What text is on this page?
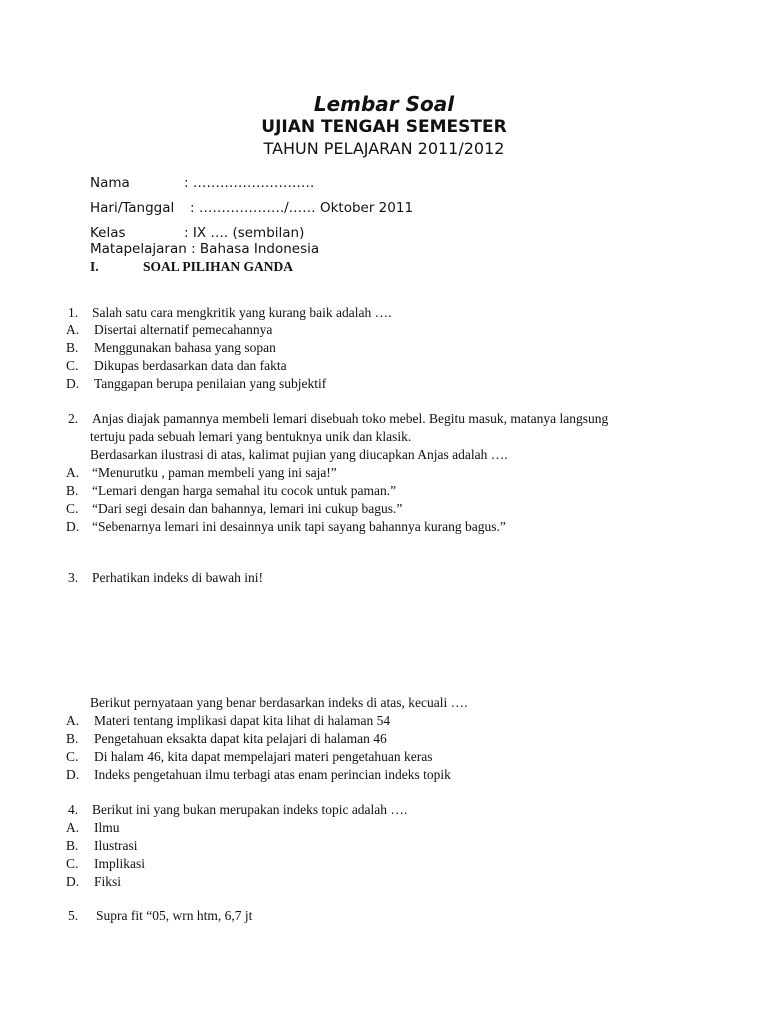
Lembar Soal
UJIAN TENGAH SEMESTER
TAHUN PELAJARAN 2011/2012
Nama	: ………………………
Hari/Tanggal : ………………./…… Oktober 2011
Kelas	: IX …. (sembilan)
Matapelajaran : Bahasa Indonesia
I.	SOAL PILIHAN GANDA
1. Salah satu cara mengkritik yang kurang baik adalah ….
A. Disertai alternatif pemecahannya
B. Menggunakan bahasa yang sopan
C. Dikupas berdasarkan data dan fakta
D. Tanggapan berupa penilaian yang subjektif
2. Anjas diajak pamannya membeli lemari disebuah toko mebel. Begitu masuk, matanya langsung
tertuju pada sebuah lemari yang bentuknya unik dan klasik.
Berdasarkan ilustrasi di atas, kalimat pujian yang diucapkan Anjas adalah ….
A. “Menurutku , paman membeli yang ini saja!”
B. “Lemari dengan harga semahal itu cocok untuk paman.”
C. “Dari segi desain dan bahannya, lemari ini cukup bagus.”
D. “Sebenarnya lemari ini desainnya unik tapi sayang bahannya kurang bagus.”
3. Perhatikan indeks di bawah ini!
Berikut pernyataan yang benar berdasarkan indeks di atas, kecuali ….
A. Materi tentang implikasi dapat kita lihat di halaman 54
B. Pengetahuan eksakta dapat kita pelajari di halaman 46
C. Di halam 46, kita dapat mempelajari materi pengetahuan keras
D. Indeks pengetahuan ilmu terbagi atas enam perincian indeks topik
4. Berikut ini yang bukan merupakan indeks topic adalah ….
A. Ilmu
B. Ilustrasi
C. Implikasi
D. Fiksi
5. Supra fit “05, wrn htm, 6,7 jt
